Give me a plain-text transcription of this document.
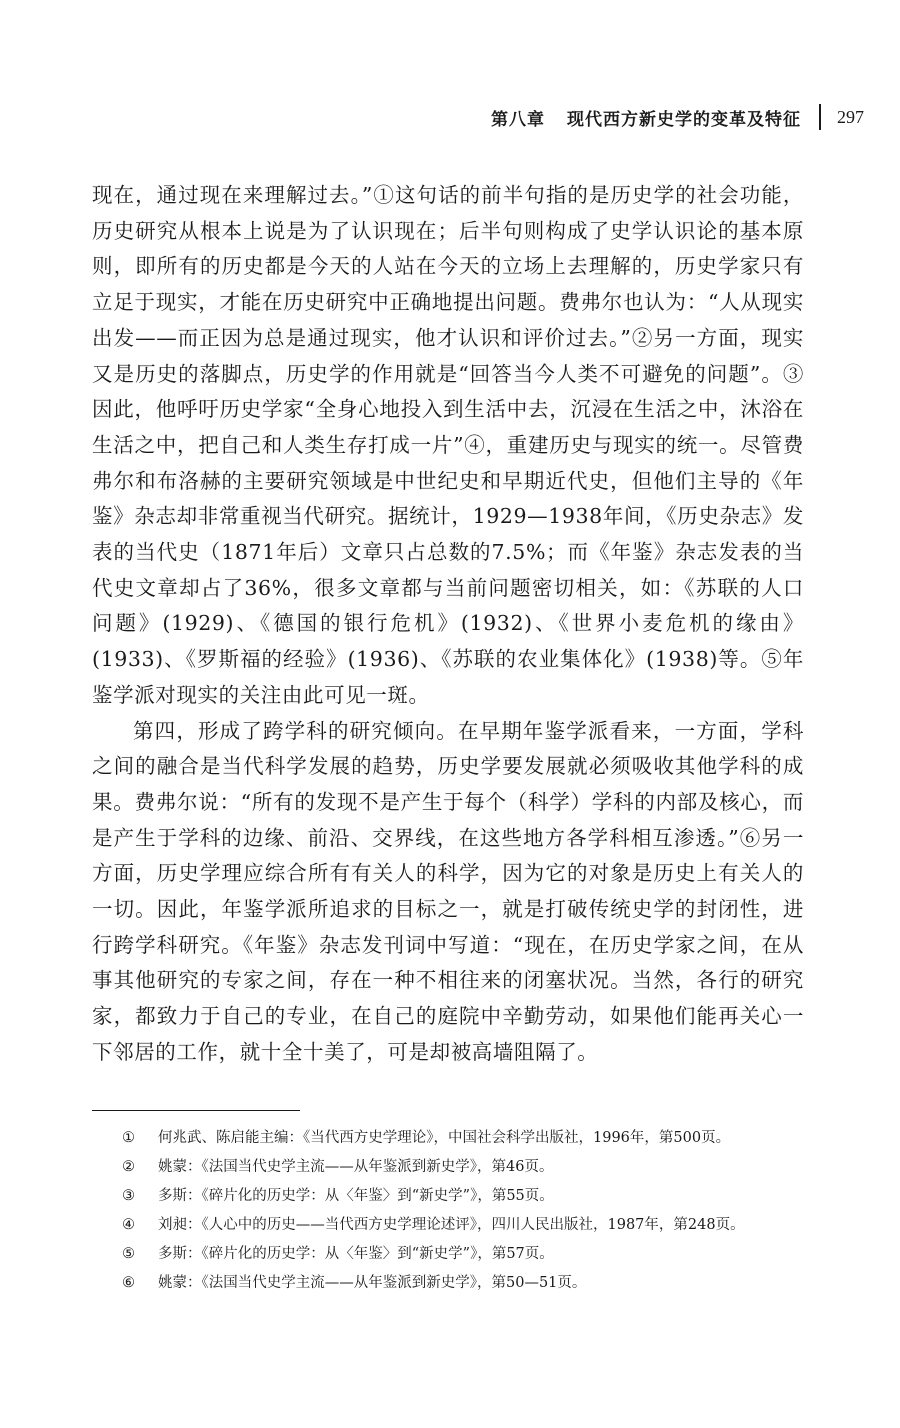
第八章 现代西方新史学的变革及特征 297

现在，通过现在来理解过去。”①这句话的前半句指的是历史学的社会功能，历史研究从根本上说是为了认识现在；后半句则构成了史学认识论的基本原则，即所有的历史都是今天的人站在今天的立场上去理解的，历史学家只有立足于现实，才能在历史研究中正确地提出问题。费弗尔也认为：“人从现实出发——而正因为总是通过现实，他才认识和评价过去。”②另一方面，现实又是历史的落脚点，历史学的作用就是“回答当今人类不可避免的问题”。③因此，他呼吁历史学家“全身心地投入到生活中去，沉浸在生活之中，沐浴在生活之中，把自己和人类生存打成一片”④，重建历史与现实的统一。尽管费弗尔和布洛赫的主要研究领域是中世纪史和早期近代史，但他们主导的《年鉴》杂志却非常重视当代研究。据统计，1929—1938年间，《历史杂志》发表的当代史（1871年后）文章只占总数的7.5%；而《年鉴》杂志发表的当代史文章却占了36%，很多文章都与当前问题密切相关，如：《苏联的人口问题》(1929)、《德国的银行危机》(1932)、《世界小麦危机的缘由》(1933)、《罗斯福的经验》(1936)、《苏联的农业集体化》(1938)等。⑤年鉴学派对现实的关注由此可见一斑。

第四，形成了跨学科的研究倾向。在早期年鉴学派看来，一方面，学科之间的融合是当代科学发展的趋势，历史学要发展就必须吸收其他学科的成果。费弗尔说：“所有的发现不是产生于每个（科学）学科的内部及核心，而是产生于学科的边缘、前沿、交界线，在这些地方各学科相互渗透。”⑥另一方面，历史学理应综合所有有关人的科学，因为它的对象是历史上有关人的一切。因此，年鉴学派所追求的目标之一，就是打破传统史学的封闭性，进行跨学科研究。《年鉴》杂志发刊词中写道：“现在，在历史学家之间，在从事其他研究的专家之间，存在一种不相往来的闭塞状况。当然，各行的研究家，都致力于自己的专业，在自己的庭院中辛勤劳动，如果他们能再关心一下邻居的工作，就十全十美了，可是却被高墙阻隔了。

① 何兆武、陈启能主编：《当代西方史学理论》，中国社会科学出版社，1996年，第500页。

② 姚蒙：《法国当代史学主流——从年鉴派到新史学》，第46页。

③ 多斯：《碎片化的历史学：从〈年鉴〉到“新史学”》，第55页。

④ 刘昶：《人心中的历史——当代西方史学理论述评》，四川人民出版社，1987年，第248页。

⑤ 多斯：《碎片化的历史学：从〈年鉴〉到“新史学”》，第57页。

⑥ 姚蒙：《法国当代史学主流——从年鉴派到新史学》，第50—51页。
